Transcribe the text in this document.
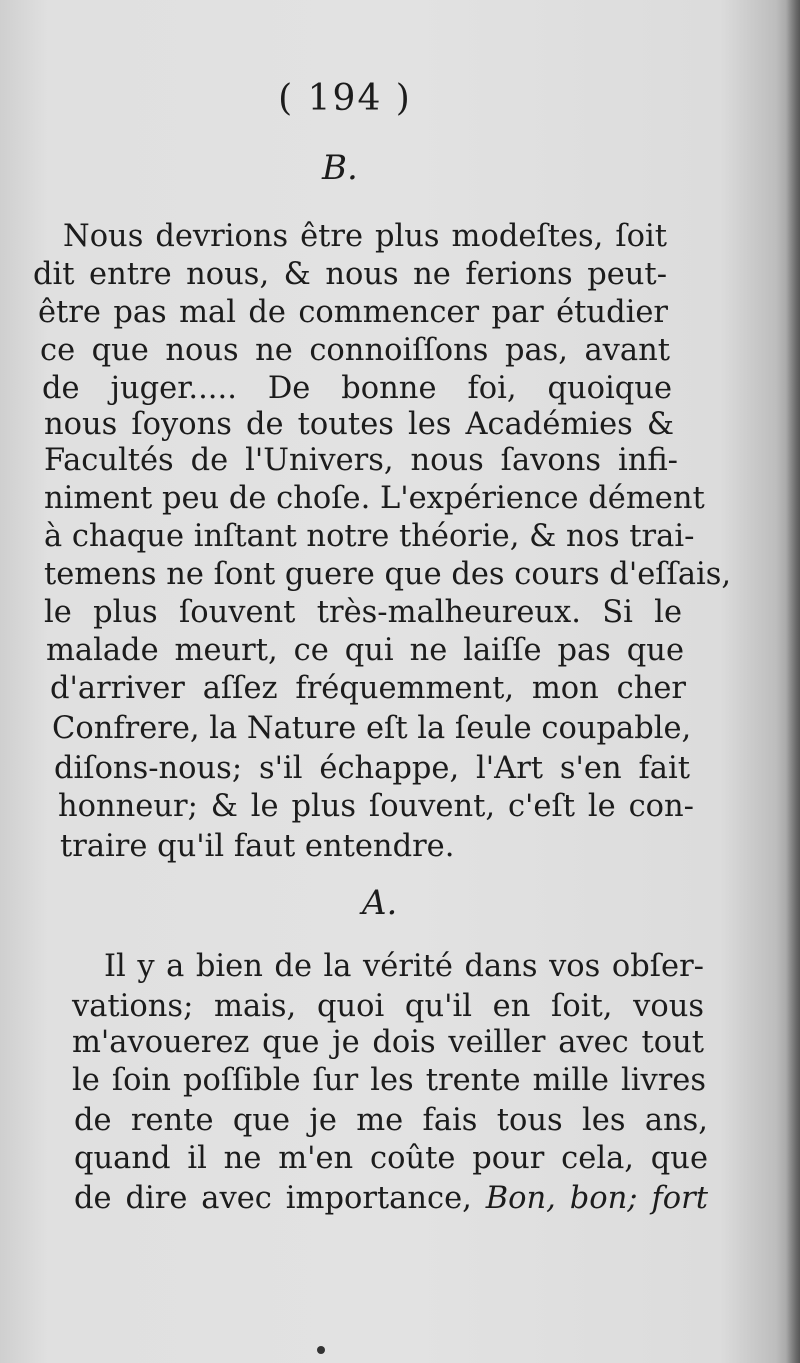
( 194 )
B.
Nous devrions être plus modeſtes, ſoit
dit entre nous, & nous ne ferions peut-
être pas mal de commencer par étudier
ce que nous ne connoiſſons pas, avant
de juger..... De bonne foi, quoique
nous ſoyons de toutes les Académies &
Facultés de l'Univers, nous ſavons infi-
niment peu de choſe. L'expérience dément
à chaque inſtant notre théorie, & nos trai-
temens ne ſont guere que des cours d'eſſais,
le plus ſouvent très-malheureux. Si le
malade meurt, ce qui ne laiſſe pas que
d'arriver aſſez fréquemment, mon cher
Confrere, la Nature eſt la ſeule coupable,
diſons-nous; s'il échappe, l'Art s'en fait
honneur; & le plus ſouvent, c'eſt le con-
traire qu'il faut entendre.
A.
Il y a bien de la vérité dans vos obſer-
vations; mais, quoi qu'il en ſoit, vous
m'avouerez que je dois veiller avec tout
le ſoin poſſible ſur les trente mille livres
de rente que je me fais tous les ans,
quand il ne m'en coûte pour cela, que
de dire avec importance, Bon, bon; fort
